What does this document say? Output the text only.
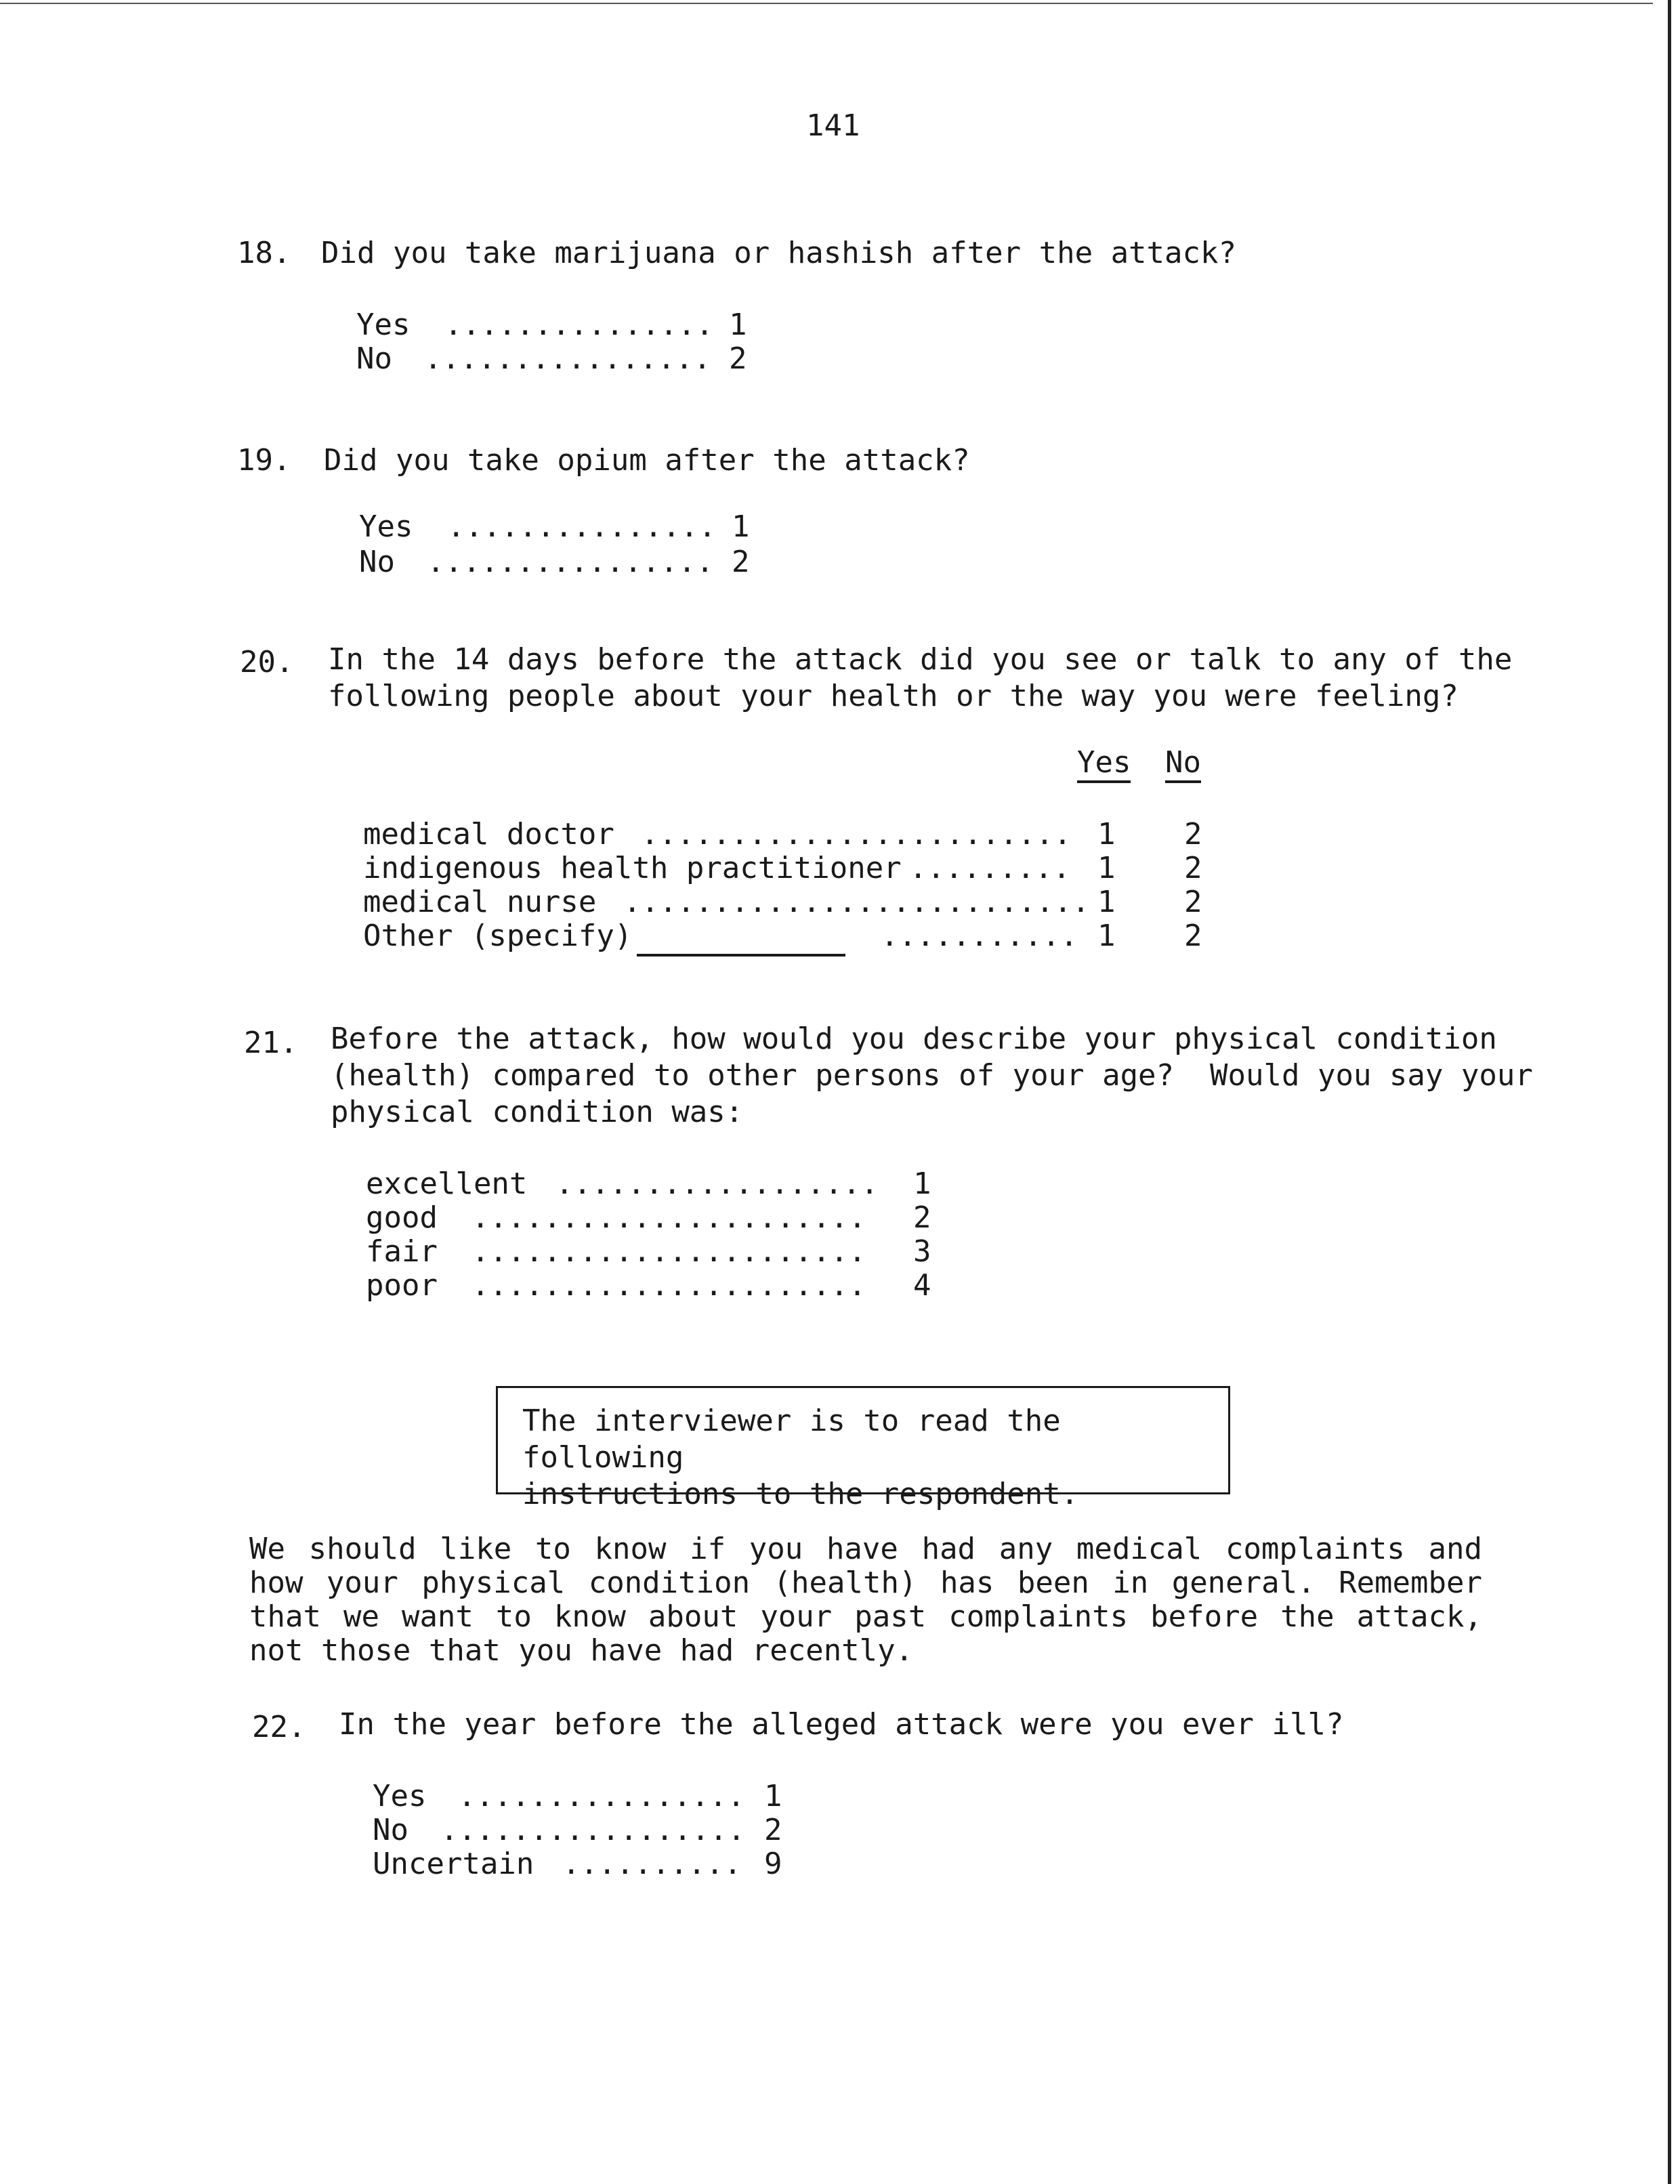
141
18. Did you take marijuana or hashish after the attack?
Yes ............... 1
No ................ 2
19. Did you take opium after the attack?
Yes ............... 1
No ................ 2
20. In the 14 days before the attack did you see or talk to any of the
following people about your health or the way you were feeling?
Yes No
medical doctor ........................ 1 2
indigenous health practitioner ......... 1 2
medical nurse .......................... 1 2
Other (specify)	........... 1 2
21. Before the attack, how would you describe your physical condition
(health) compared to other persons of your age?  Would you say your
physical condition was:
excellent .................. 1
good ...................... 2
fair ...................... 3
poor ...................... 4
The interviewer is to read the following
instructions to the respondent.
We should like to know if you have had any medical complaints and how your physical condition (health) has been in general. Remember that we want to know about your past complaints before the attack, not those that you have had recently.
22. In the year before the alleged attack were you ever ill?
Yes ................ 1
No ................. 2
Uncertain .......... 9
